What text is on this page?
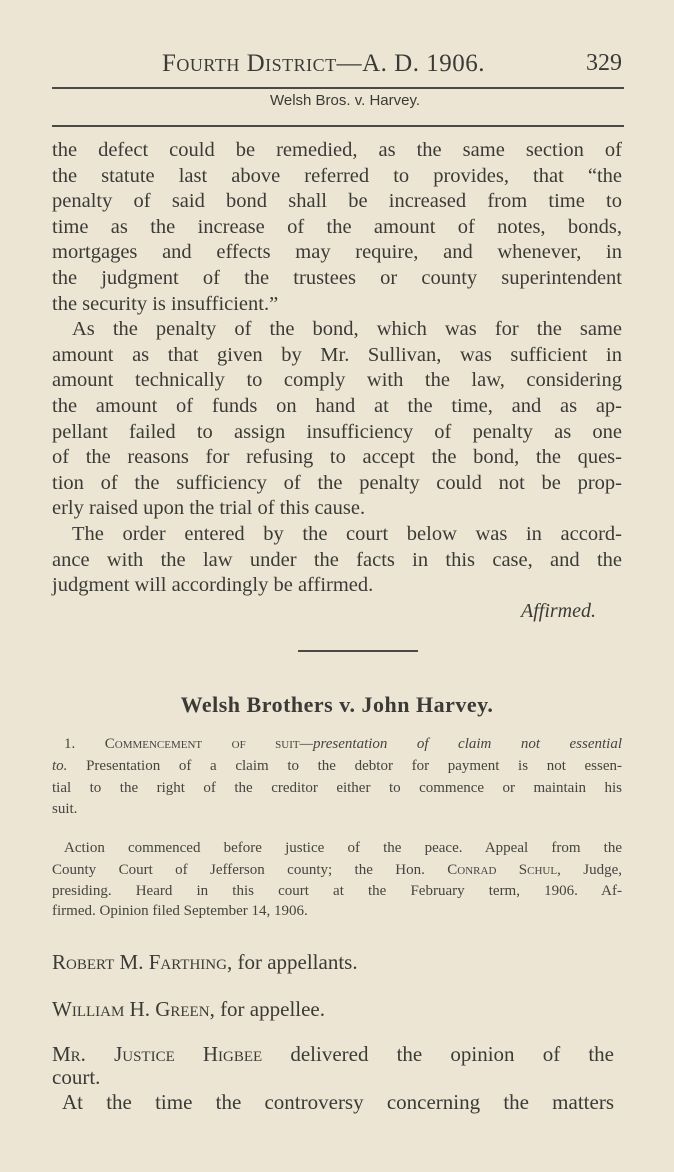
Fourth District—A. D. 1906.	329
Welsh Bros. v. Harvey.
the defect could be remedied, as the same section of
the statute last above referred to provides, that “the
penalty of said bond shall be increased from time to
time as the increase of the amount of notes, bonds,
mortgages and effects may require, and whenever, in
the judgment of the trustees or county superintendent
the security is insufficient.”
As the penalty of the bond, which was for the same
amount as that given by Mr. Sullivan, was sufficient in
amount technically to comply with the law, considering
the amount of funds on hand at the time, and as ap-
pellant failed to assign insufficiency of penalty as one
of the reasons for refusing to accept the bond, the ques-
tion of the sufficiency of the penalty could not be prop-
erly raised upon the trial of this cause.
The order entered by the court below was in accord-
ance with the law under the facts in this case, and the
judgment will accordingly be affirmed.
Affirmed.
Welsh Brothers v. John Harvey.
1. Commencement of suit—presentation of claim not essential
to. Presentation of a claim to the debtor for payment is not essen-
tial to the right of the creditor either to commence or maintain his
suit.
Action commenced before justice of the peace. Appeal from the
County Court of Jefferson county; the Hon. Conrad Schul, Judge,
presiding. Heard in this court at the February term, 1906. Af-
firmed. Opinion filed September 14, 1906.
Robert M. Farthing, for appellants.
William H. Green, for appellee.
Mr. Justice Higbee delivered the opinion of the
court.
At the time the controversy concerning the matters
